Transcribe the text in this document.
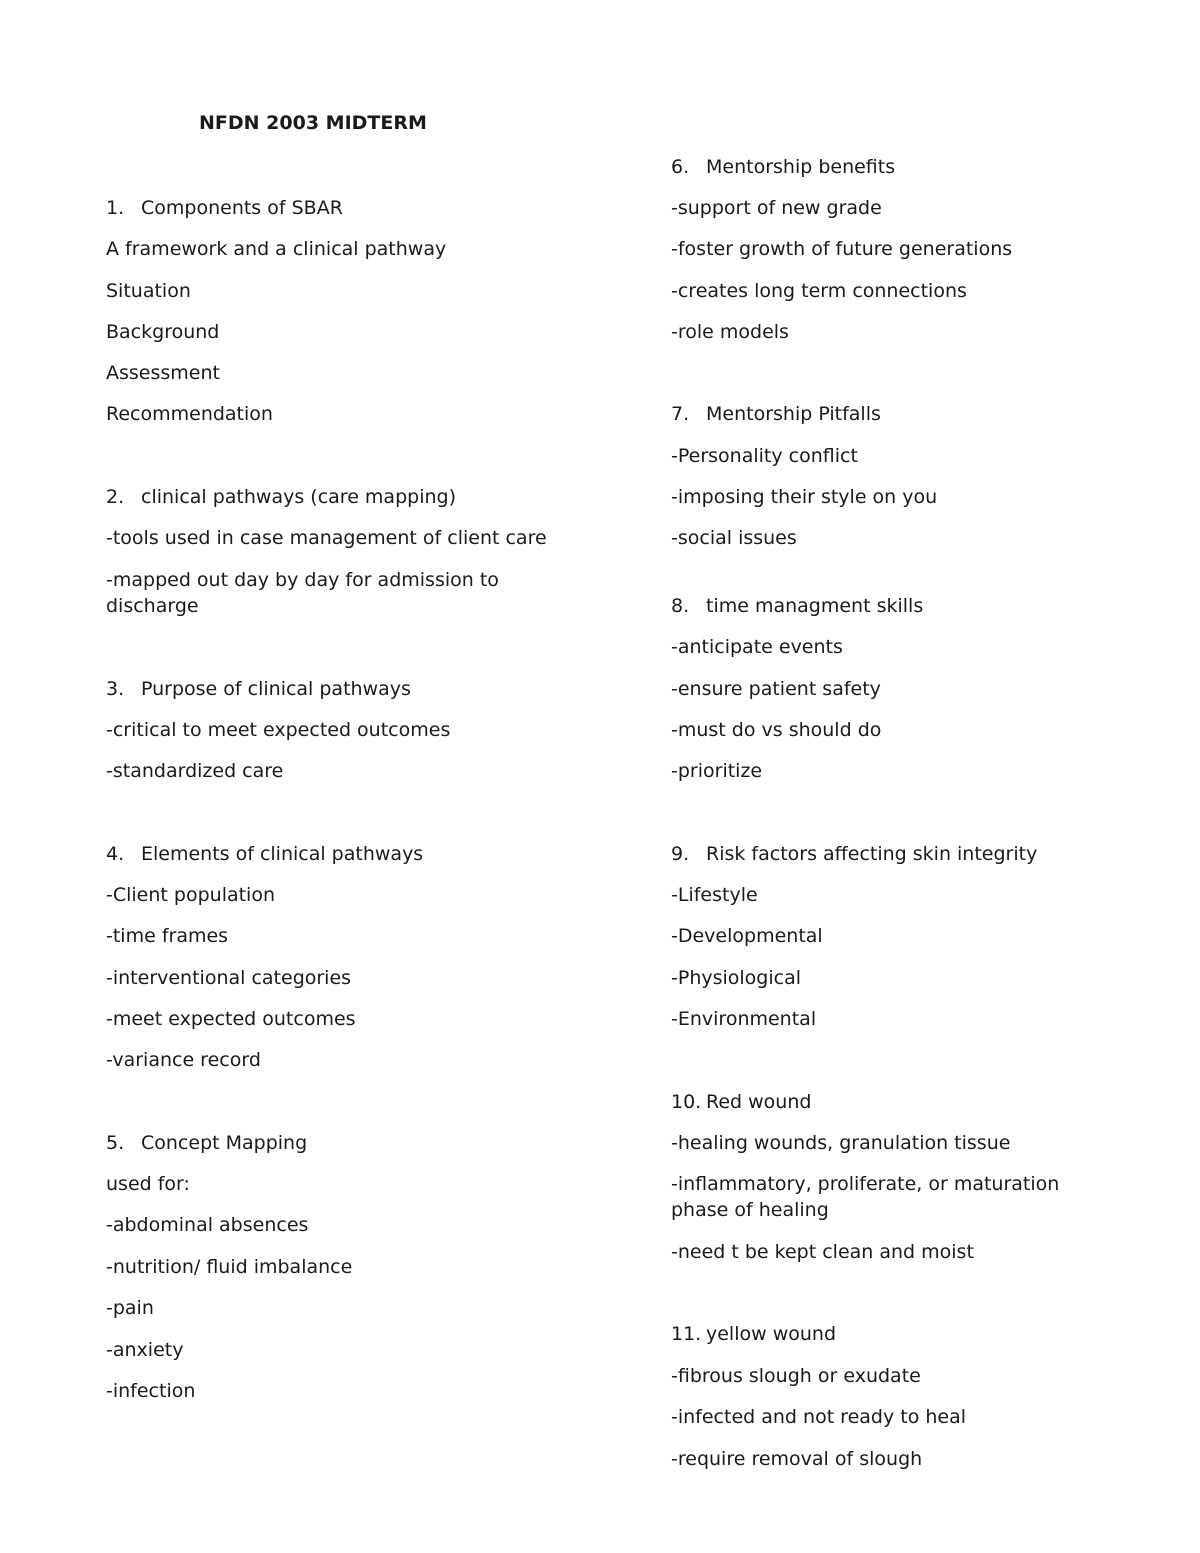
NFDN 2003 MIDTERM
1. Components of SBAR
A framework and a clinical pathway
Situation
Background
Assessment
Recommendation
2. clinical pathways (care mapping)
-tools used in case management of client care
-mapped out day by day for admission to discharge
3. Purpose of clinical pathways
-critical to meet expected outcomes
-standardized care
4. Elements of clinical pathways
-Client population
-time frames
-interventional categories
-meet expected outcomes
-variance record
5. Concept Mapping
used for:
-abdominal absences
-nutrition/ fluid imbalance
-pain
-anxiety
-infection
6. Mentorship benefits
-support of new grade
-foster growth of future generations
-creates long term connections
-role models
7. Mentorship Pitfalls
-Personality conflict
-imposing their style on you
-social issues
8. time managment skills
-anticipate events
-ensure patient safety
-must do vs should do
-prioritize
9. Risk factors affecting skin integrity
-Lifestyle
-Developmental
-Physiological
-Environmental
10. Red wound
-healing wounds, granulation tissue
-inflammatory, proliferate, or maturation phase of healing
-need t be kept clean and moist
11. yellow wound
-fibrous slough or exudate
-infected and not ready to heal
-require removal of slough
